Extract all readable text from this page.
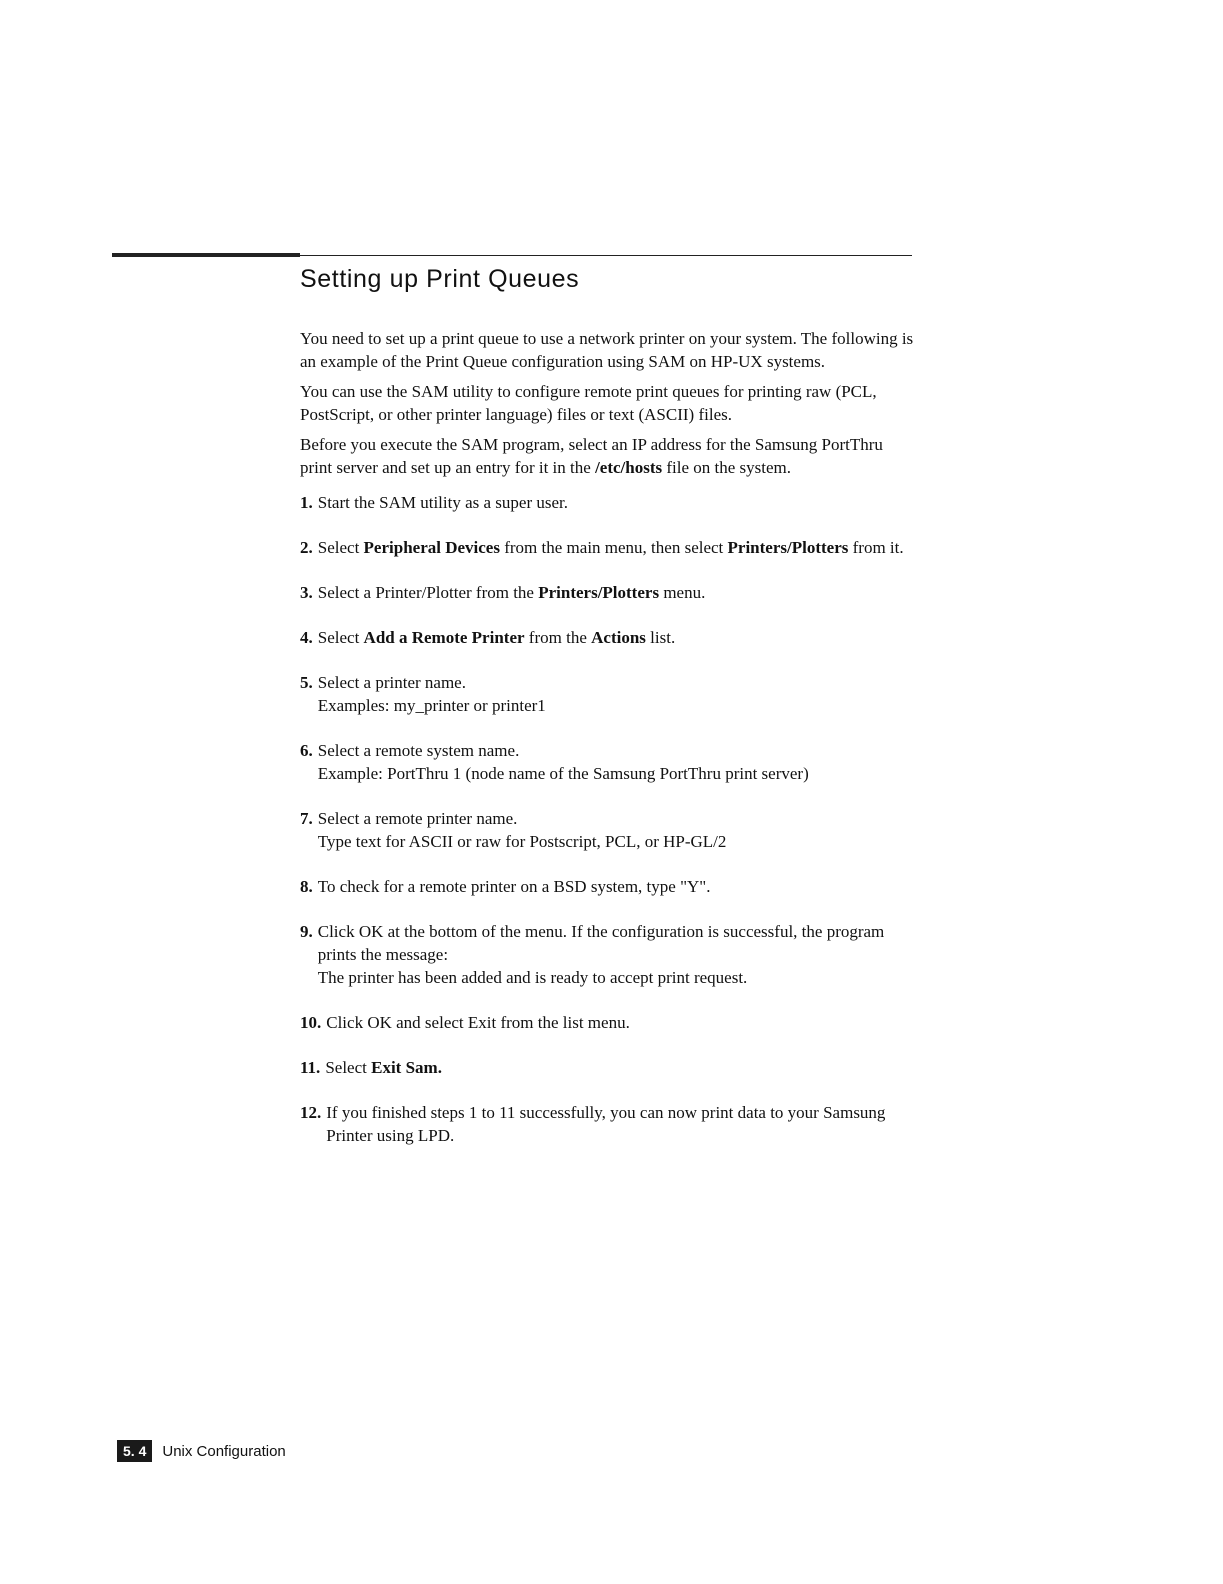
Setting up Print Queues

You need to set up a print queue to use a network printer on your system. The following is an example of the Print Queue configuration using SAM on HP-UX systems.

You can use the SAM utility to configure remote print queues for printing raw (PCL, PostScript, or other printer language) files or text (ASCII) files.

Before you execute the SAM program, select an IP address for the Samsung PortThru print server and set up an entry for it in the /etc/hosts file on the system.

1. Start the SAM utility as a super user.
2. Select Peripheral Devices from the main menu, then select Printers/Plotters from it.
3. Select a Printer/Plotter from the Printers/Plotters menu.
4. Select Add a Remote Printer from the Actions list.
5. Select a printer name.
Examples: my_printer or printer1
6. Select a remote system name.
Example: PortThru 1 (node name of the Samsung PortThru print server)
7. Select a remote printer name.
Type text for ASCII or raw for Postscript, PCL, or HP-GL/2
8. To check for a remote printer on a BSD system, type "Y".
9. Click OK at the bottom of the menu. If the configuration is successful, the program prints the message:
The printer has been added and is ready to accept print request.
10. Click OK and select Exit from the list menu.
11. Select Exit Sam.
12. If you finished steps 1 to 11 successfully, you can now print data to your Samsung Printer using LPD.
5. 4	Unix Configuration
